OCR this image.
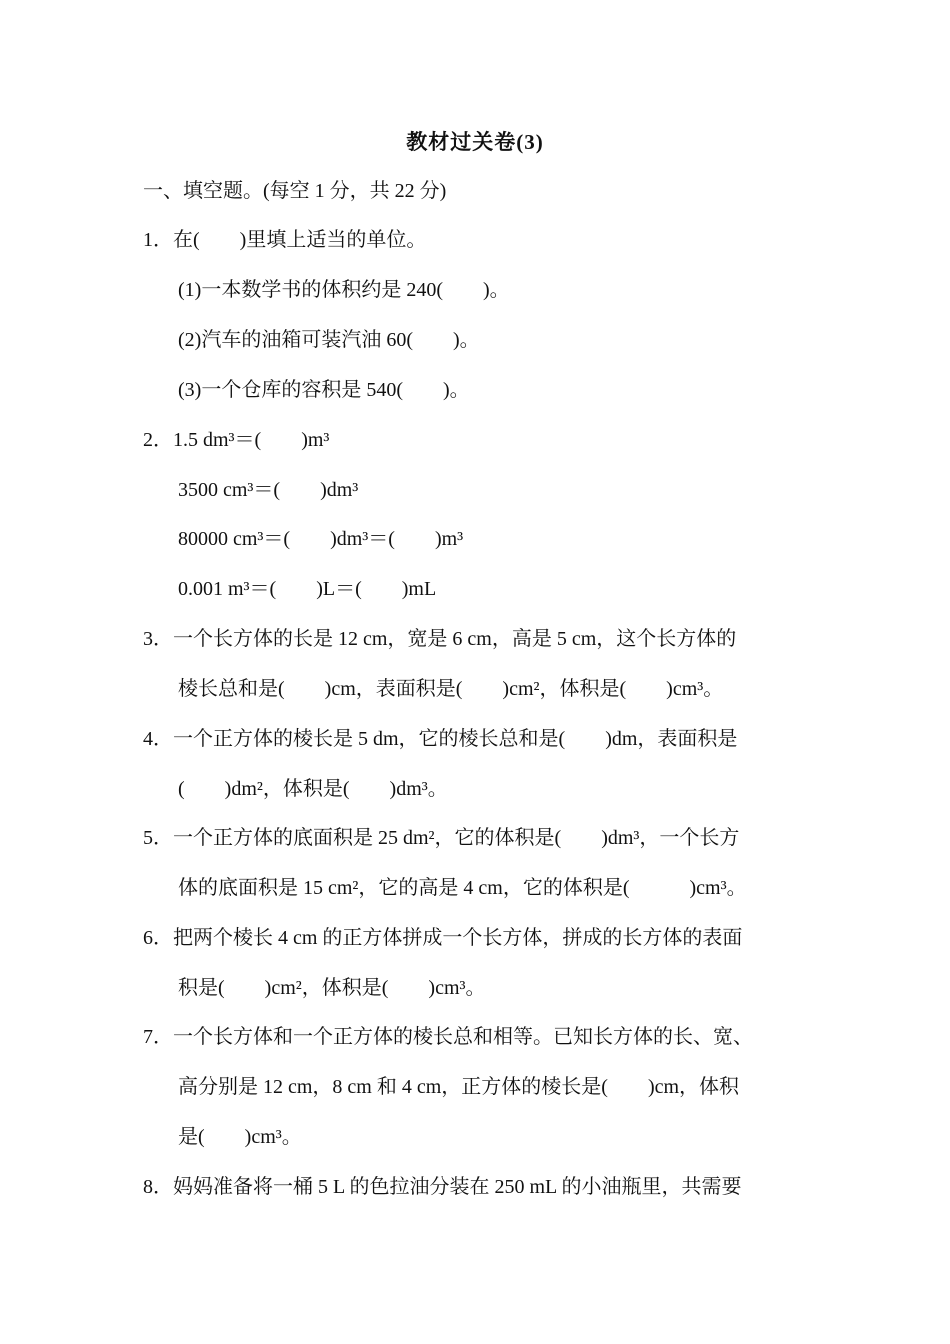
教材过关卷(3)
一、填空题。(每空 1 分，共 22 分)
1．在(　　)里填上适当的单位。
(1)一本数学书的体积约是 240(　　)。
(2)汽车的油箱可装汽油 60(　　)。
(3)一个仓库的容积是 540(　　)。
2．1.5 dm³＝(　　)m³
3500 cm³＝(　　)dm³
80000 cm³＝(　　)dm³＝(　　)m³
0.001 m³＝(　　)L＝(　　)mL
3．一个长方体的长是 12 cm，宽是 6 cm，高是 5 cm，这个长方体的
棱长总和是(　　)cm，表面积是(　　)cm²，体积是(　　)cm³。
4．一个正方体的棱长是 5 dm，它的棱长总和是(　　)dm，表面积是
(　　)dm²，体积是(　　)dm³。
5．一个正方体的底面积是 25 dm²，它的体积是(　　)dm³，一个长方
体的底面积是 15 cm²，它的高是 4 cm，它的体积是(　　　)cm³。
6．把两个棱长 4 cm 的正方体拼成一个长方体，拼成的长方体的表面
积是(　　)cm²，体积是(　　)cm³。
7．一个长方体和一个正方体的棱长总和相等。已知长方体的长、宽、
高分别是 12 cm，8 cm 和 4 cm，正方体的棱长是(　　)cm，体积
是(　　)cm³。
8．妈妈准备将一桶 5 L 的色拉油分装在 250 mL 的小油瓶里，共需要
